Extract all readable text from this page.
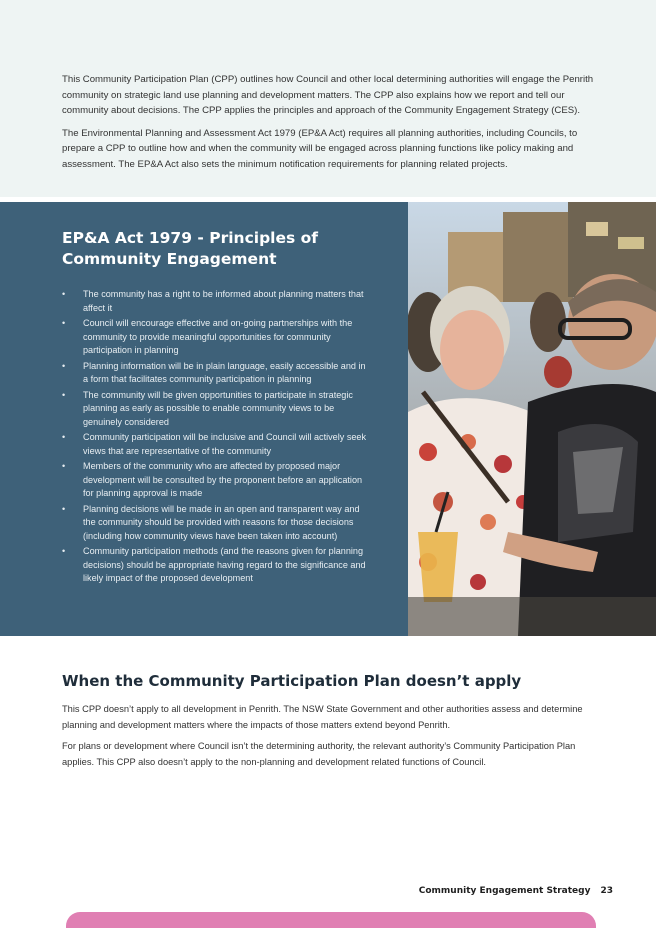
This Community Participation Plan (CPP) outlines how Council and other local determining authorities will engage the Penrith community on strategic land use planning and development matters. The CPP also explains how we report and tell our community about decisions. The CPP applies the principles and approach of the Community Engagement Strategy (CES).

The Environmental Planning and Assessment Act 1979 (EP&A Act) requires all planning authorities, including Councils, to prepare a CPP to outline how and when the community will be engaged across planning functions like policy making and assessment. The EP&A Act also sets the minimum notification requirements for planning related projects.

EP&A Act 1979 - Principles of Community Engagement
• The community has a right to be informed about planning matters that affect it
• Council will encourage effective and on-going partnerships with the community to provide meaningful opportunities for community participation in planning
• Planning information will be in plain language, easily accessible and in a form that facilitates community participation in planning
• The community will be given opportunities to participate in strategic planning as early as possible to enable community views to be genuinely considered
• Community participation will be inclusive and Council will actively seek views that are representative of the community
• Members of the community who are affected by proposed major development will be consulted by the proponent before an application for planning approval is made
• Planning decisions will be made in an open and transparent way and the community should be provided with reasons for those decisions (including how community views have been taken into account)
• Community participation methods (and the reasons given for planning decisions) should be appropriate having regard to the significance and likely impact of the proposed development
When the Community Participation Plan doesn’t apply

This CPP doesn’t apply to all development in Penrith. The NSW State Government and other authorities assess and determine planning and development matters where the impacts of those matters extend beyond Penrith.

For plans or development where Council isn’t the determining authority, the relevant authority’s Community Participation Plan applies. This CPP also doesn’t apply to the non-planning and development related functions of Council.

Community Engagement Strategy 23
